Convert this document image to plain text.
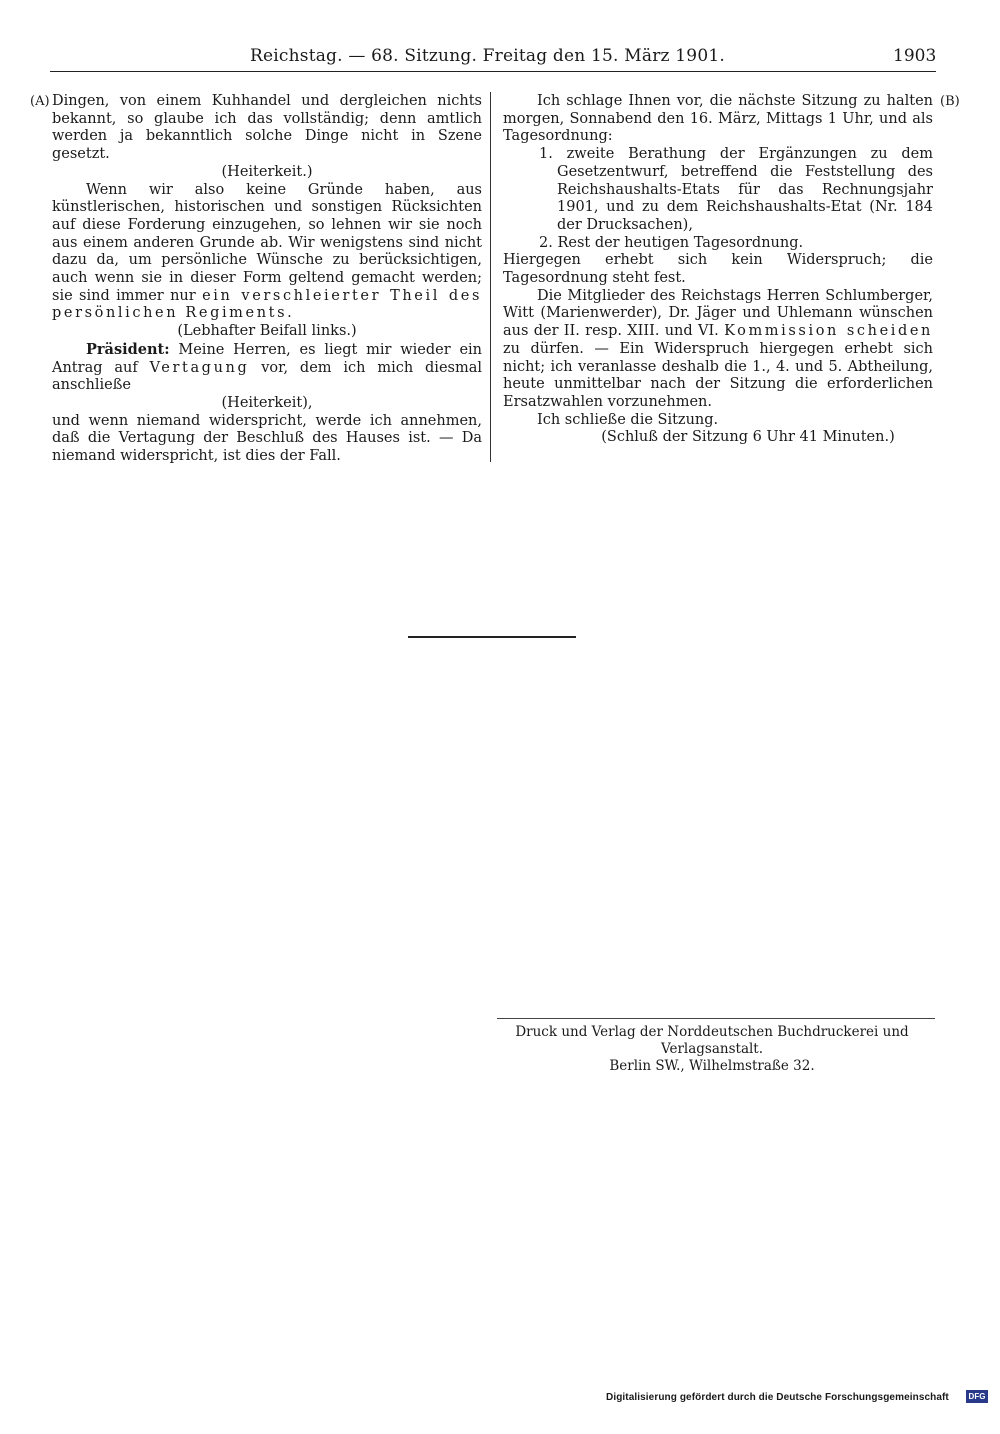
Reichstag. — 68. Sitzung. Freitag den 15. März 1901.	1903
(A)	(B)

Dingen, von einem Kuhhandel und dergleichen nichts bekannt, so glaube ich das vollständig; denn amtlich werden ja bekanntlich solche Dinge nicht in Szene gesetzt.

(Heiterkeit.)

Wenn wir also keine Gründe haben, aus künstlerischen, historischen und sonstigen Rücksichten auf diese Forderung einzugehen, so lehnen wir sie noch aus einem anderen Grunde ab. Wir wenigstens sind nicht dazu da, um persönliche Wünsche zu berücksichtigen, auch wenn sie in dieser Form geltend gemacht werden; sie sind immer nur ein verschleierter Theil des persönlichen Regiments.

(Lebhafter Beifall links.)

Präsident: Meine Herren, es liegt mir wieder ein Antrag auf Vertagung vor, dem ich mich diesmal anschließe

(Heiterkeit),

und wenn niemand widerspricht, werde ich annehmen, daß die Vertagung der Beschluß des Hauses ist. — Da niemand widerspricht, ist dies der Fall.

Ich schlage Ihnen vor, die nächste Sitzung zu halten morgen, Sonnabend den 16. März, Mittags 1 Uhr, und als Tagesordnung:

1. zweite Berathung der Ergänzungen zu dem Gesetzentwurf, betreffend die Feststellung des Reichshaushalts-Etats für das Rechnungsjahr 1901, und zu dem Reichshaushalts-Etat (Nr. 184 der Drucksachen),

2. Rest der heutigen Tagesordnung.

Hiergegen erhebt sich kein Widerspruch; die Tagesordnung steht fest.

Die Mitglieder des Reichstags Herren Schlumberger, Witt (Marienwerder), Dr. Jäger und Uhlemann wünschen aus der II. resp. XIII. und VI. Kommission scheiden zu dürfen. — Ein Widerspruch hiergegen erhebt sich nicht; ich veranlasse deshalb die 1., 4. und 5. Abtheilung, heute unmittelbar nach der Sitzung die erforderlichen Ersatzwahlen vorzunehmen.

Ich schließe die Sitzung.

(Schluß der Sitzung 6 Uhr 41 Minuten.)

Druck und Verlag der Norddeutschen Buchdruckerei und Verlagsanstalt.
Berlin SW., Wilhelmstraße 32.
Digitalisierung gefördert durch die Deutsche Forschungsgemeinschaft	DFG
